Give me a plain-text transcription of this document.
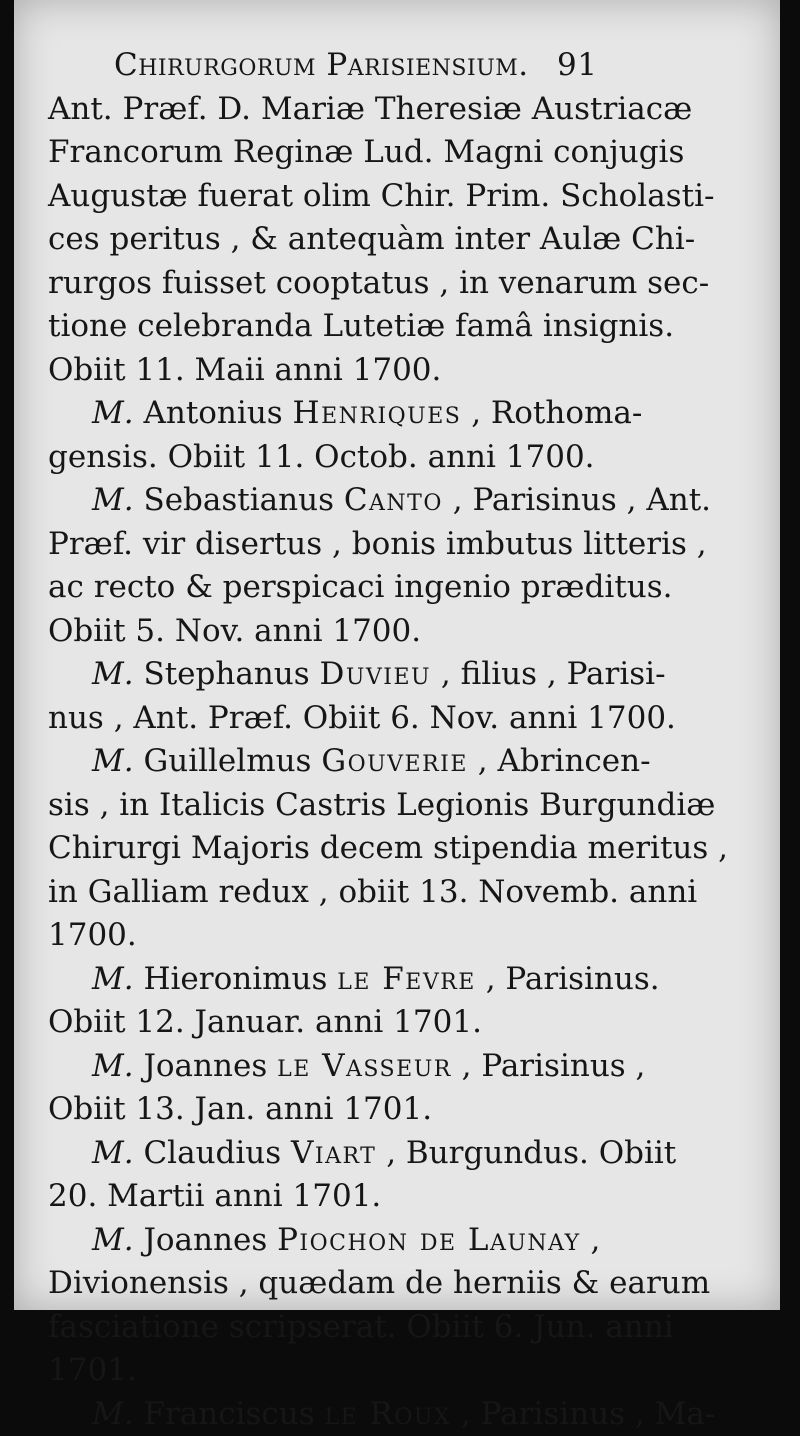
Chirurgorum Parisiensium. 91
Ant. Præf. D. Mariæ Theresiæ Austriacæ
Francorum Reginæ Lud. Magni conjugis
Augustæ fuerat olim Chir. Prim. Scholasti-
ces peritus , & antequàm inter Aulæ Chi-
rurgos fuisset cooptatus , in venarum sec-
tione celebranda Lutetiæ famâ insignis.
Obiit 11. Maii anni 1700.
M. Antonius Henriques , Rothoma-
gensis. Obiit 11. Octob. anni 1700.
M. Sebastianus Canto , Parisinus , Ant.
Præf. vir disertus , bonis imbutus litteris ,
ac recto & perspicaci ingenio præditus.
Obiit 5. Nov. anni 1700.
M. Stephanus Duvieu , filius , Parisi-
nus , Ant. Præf. Obiit 6. Nov. anni 1700.
M. Guillelmus Gouverie , Abrincen-
sis , in Italicis Castris Legionis Burgundiæ
Chirurgi Majoris decem stipendia meritus ,
in Galliam redux , obiit 13. Novemb. anni
1700.
M. Hieronimus le Fevre , Parisinus.
Obiit 12. Januar. anni 1701.
M. Joannes le Vasseur , Parisinus ,
Obiit 13. Jan. anni 1701.
M. Claudius Viart , Burgundus. Obiit
20. Martii anni 1701.
M. Joannes Piochon de Launay ,
Divionensis , quædam de herniis & earum
fasciatione scripserat. Obiit 6. Jun. anni
1701.
M. Franciscus le Roux , Parisinus , Ma-
